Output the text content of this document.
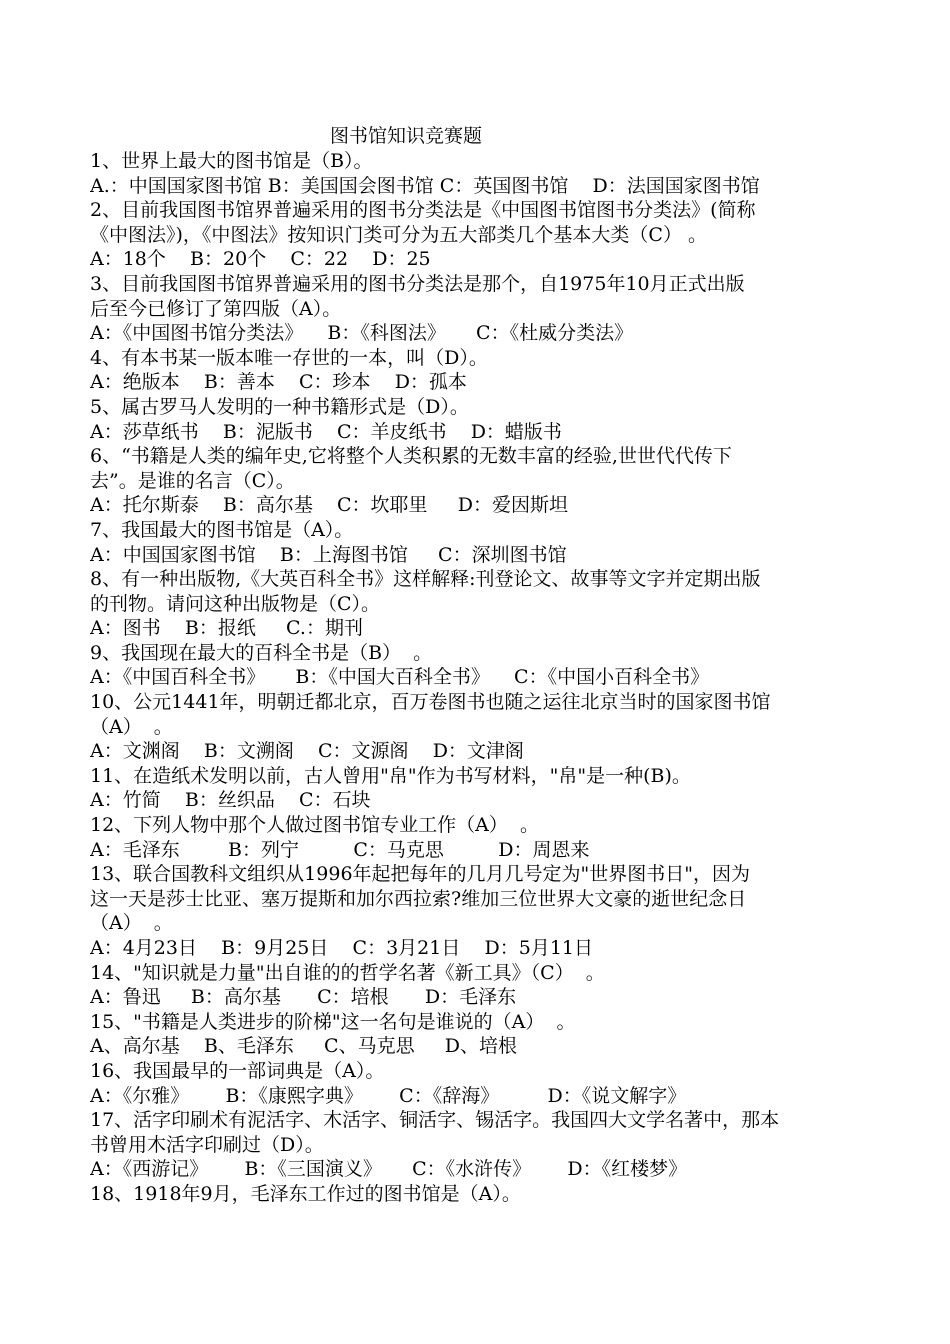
图书馆知识竞赛题
1、世界上最大的图书馆是（B）。
A.：中国国家图书馆 B：美国国会图书馆 C：英国图书馆    D：法国国家图书馆
2、目前我国图书馆界普遍采用的图书分类法是《中国图书馆图书分类法》(简称
《中图法》)，《中图法》按知识门类可分为五大部类几个基本大类（C） 。
A：18个    B：20个    C：22    D：25
3、目前我国图书馆界普遍采用的图书分类法是那个，自1975年10月正式出版
后至今已修订了第四版（A）。
A：《中国图书馆分类法》    B：《科图法》     C：《杜威分类法》
4、有本书某一版本唯一存世的一本，叫（D）。
A：绝版本    B：善本    C：珍本    D：孤本
5、属古罗马人发明的一种书籍形式是（D）。
A：莎草纸书    B：泥版书    C：羊皮纸书    D：蜡版书
6、“书籍是人类的编年史,它将整个人类积累的无数丰富的经验,世世代代传下
去”。是谁的名言（C）。
A：托尔斯泰    B：高尔基    C：坎耶里     D：爱因斯坦
7、我国最大的图书馆是（A）。
A：中国国家图书馆    B：上海图书馆     C：深圳图书馆
8、有一种出版物,《大英百科全书》这样解释:刊登论文、故事等文字并定期出版
的刊物。请问这种出版物是（C）。
A：图书    B：报纸     C.：期刊
9、我国现在最大的百科全书是（B）  。
A：《中国百科全书》     B：《中国大百科全书》    C：《中国小百科全书》
10、公元1441年，明朝迁都北京，百万卷图书也随之运往北京当时的国家图书馆
（A）  。
A：文渊阁    B：文溯阁    C：文源阁    D：文津阁
11、在造纸术发明以前，古人曾用"帛"作为书写材料，"帛"是一种(B)。
A：竹简    B：丝织品    C：石块
12、下列人物中那个人做过图书馆专业工作（A）  。
A：毛泽东        B：列宁         C：马克思         D：周恩来
13、联合国教科文组织从1996年起把每年的几月几号定为"世界图书日"，因为
这一天是莎士比亚、塞万提斯和加尔西拉索?维加三位世界大文豪的逝世纪念日
（A）  。
A：4月23日    B：9月25日    C：3月21日    D：5月11日
14、"知识就是力量"出自谁的的哲学名著《新工具》（C）  。
A：鲁迅     B：高尔基      C：培根      D：毛泽东
15、"书籍是人类进步的阶梯"这一名句是谁说的（A）  。
A、高尔基    B、毛泽东     C、马克思     D、培根
16、我国最早的一部词典是（A）。
A：《尔雅》      B：《康熙字典》      C：《辞海》        D：《说文解字》
17、活字印刷术有泥活字、木活字、铜活字、锡活字。我国四大文学名著中，那本
书曾用木活字印刷过（D）。
A：《西游记》      B：《三国演义》     C：《水浒传》      D：《红楼梦》
18、1918年9月，毛泽东工作过的图书馆是（A）。
